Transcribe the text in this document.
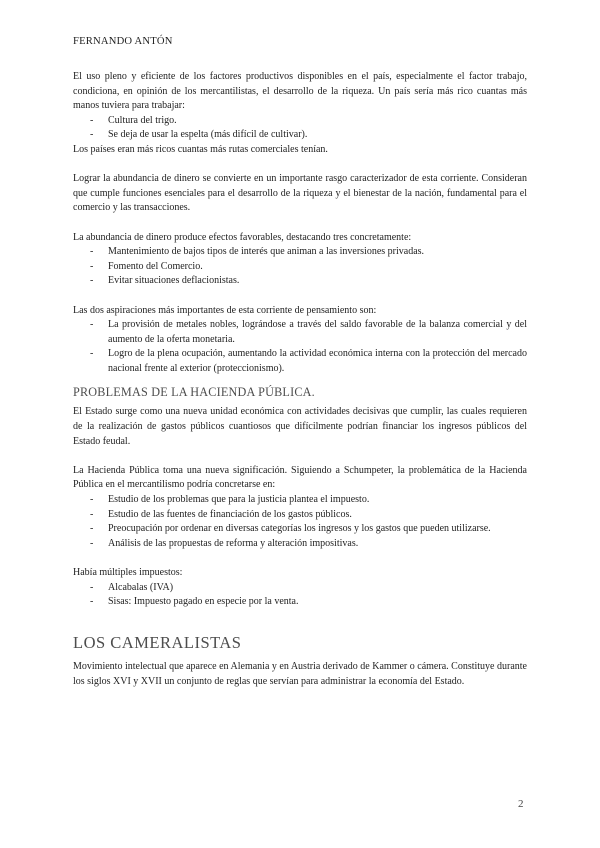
FERNANDO ANTÓN

El uso pleno y eficiente de los factores productivos disponibles en el país, especialmente el factor trabajo, condiciona, en opinión de los mercantilistas, el desarrollo de la riqueza. Un país sería más rico cuantas más manos tuviera para trabajar:

- Cultura del trigo.
- Se deja de usar la espelta (más difícil de cultivar).

Los países eran más ricos cuantas más rutas comerciales tenían.

Lograr la abundancia de dinero se convierte en un importante rasgo caracterizador de esta corriente. Consideran que cumple funciones esenciales para el desarrollo de la riqueza y el bienestar de la nación, fundamental para el comercio y las transacciones.

La abundancia de dinero produce efectos favorables, destacando tres concretamente:

- Mantenimiento de bajos tipos de interés que animan a las inversiones privadas.
- Fomento del Comercio.
- Evitar situaciones deflacionistas.

Las dos aspiraciones más importantes de esta corriente de pensamiento son:

- La provisión de metales nobles, lográndose a través del saldo favorable de la balanza comercial y del aumento de la oferta monetaria.
- Logro de la plena ocupación, aumentando la actividad económica interna con la protección del mercado nacional frente al exterior (proteccionismo).
PROBLEMAS DE LA HACIENDA PÚBLICA.

El Estado surge como una nueva unidad económica con actividades decisivas que cumplir, las cuales requieren de la realización de gastos públicos cuantiosos que difícilmente podrían financiar los ingresos públicos del Estado feudal.

La Hacienda Pública toma una nueva significación. Siguiendo a Schumpeter, la problemática de la Hacienda Pública en el mercantilismo podría concretarse en:

- Estudio de los problemas que para la justicia plantea el impuesto.
- Estudio de las fuentes de financiación de los gastos públicos.
- Preocupación por ordenar en diversas categorías los ingresos y los gastos que pueden utilizarse.
- Análisis de las propuestas de reforma y alteración impositivas.

Había múltiples impuestos:

- Alcabalas (IVA)
- Sisas: Impuesto pagado en especie por la venta.
LOS CAMERALISTAS

Movimiento intelectual que aparece en Alemania y en Austria derivado de Kammer o cámera. Constituye durante los siglos XVI y XVII un conjunto de reglas que servían para administrar la economía del Estado.

2
